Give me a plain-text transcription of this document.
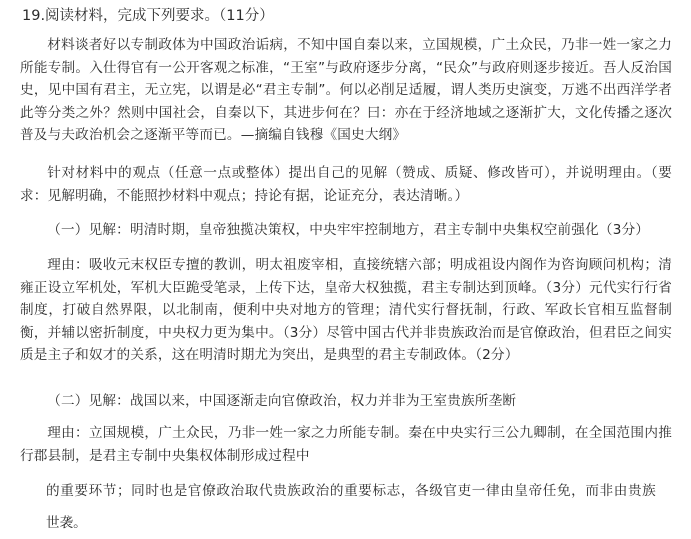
19.阅读材料，完成下列要求。（11分）
材料谈者好以专制政体为中国政治诟病，不知中国自秦以来，立国规模，广土众民，乃非一姓一家之力所能专制。入仕得官有一公开客观之标准，“王室”与政府逐步分离，“民众”与政府则逐步接近。吾人反治国史，见中国有君主，无立宪，以谓是必“君主专制”。何以必削足适履，谓人类历史演变，万逃不出西洋学者此等分类之外？然则中国社会，自秦以下，其进步何在？曰：亦在于经济地域之逐渐扩大，文化传播之逐次普及与夫政治机会之逐渐平等而已。—摘编自钱穆《国史大纲》
针对材料中的观点（任意一点或整体）提出自己的见解（赞成、质疑、修改皆可），并说明理由。（要求：见解明确，不能照抄材料中观点；持论有据，论证充分，表达清晰。）
（一）见解：明清时期，皇帝独揽决策权，中央牢牢控制地方，君主专制中央集权空前强化（3分）
理由：吸收元末权臣专擅的教训，明太祖废宰相，直接统辖六部；明成祖设内阁作为咨询顾问机构；清雍正设立军机处，军机大臣跪受笔录，上传下达，皇帝大权独揽，君主专制达到顶峰。（3分）元代实行行省制度，打破自然界限，以北制南，便利中央对地方的管理；清代实行督抚制，行政、军政长官相互监督制衡，并辅以密折制度，中央权力更为集中。（3分）尽管中国古代并非贵族政治而是官僚政治，但君臣之间实质是主子和奴才的关系，这在明清时期尤为突出，是典型的君主专制政体。（2分）
（二）见解：战国以来，中国逐渐走向官僚政治，权力并非为王室贵族所垄断
理由：立国规模，广土众民，乃非一姓一家之力所能专制。秦在中央实行三公九卿制，在全国范围内推行郡县制，是君主专制中央集权体制形成过程中
的重要环节；同时也是官僚政治取代贵族政治的重要标志，各级官吏一律由皇帝任免，而非由贵族
世袭。
